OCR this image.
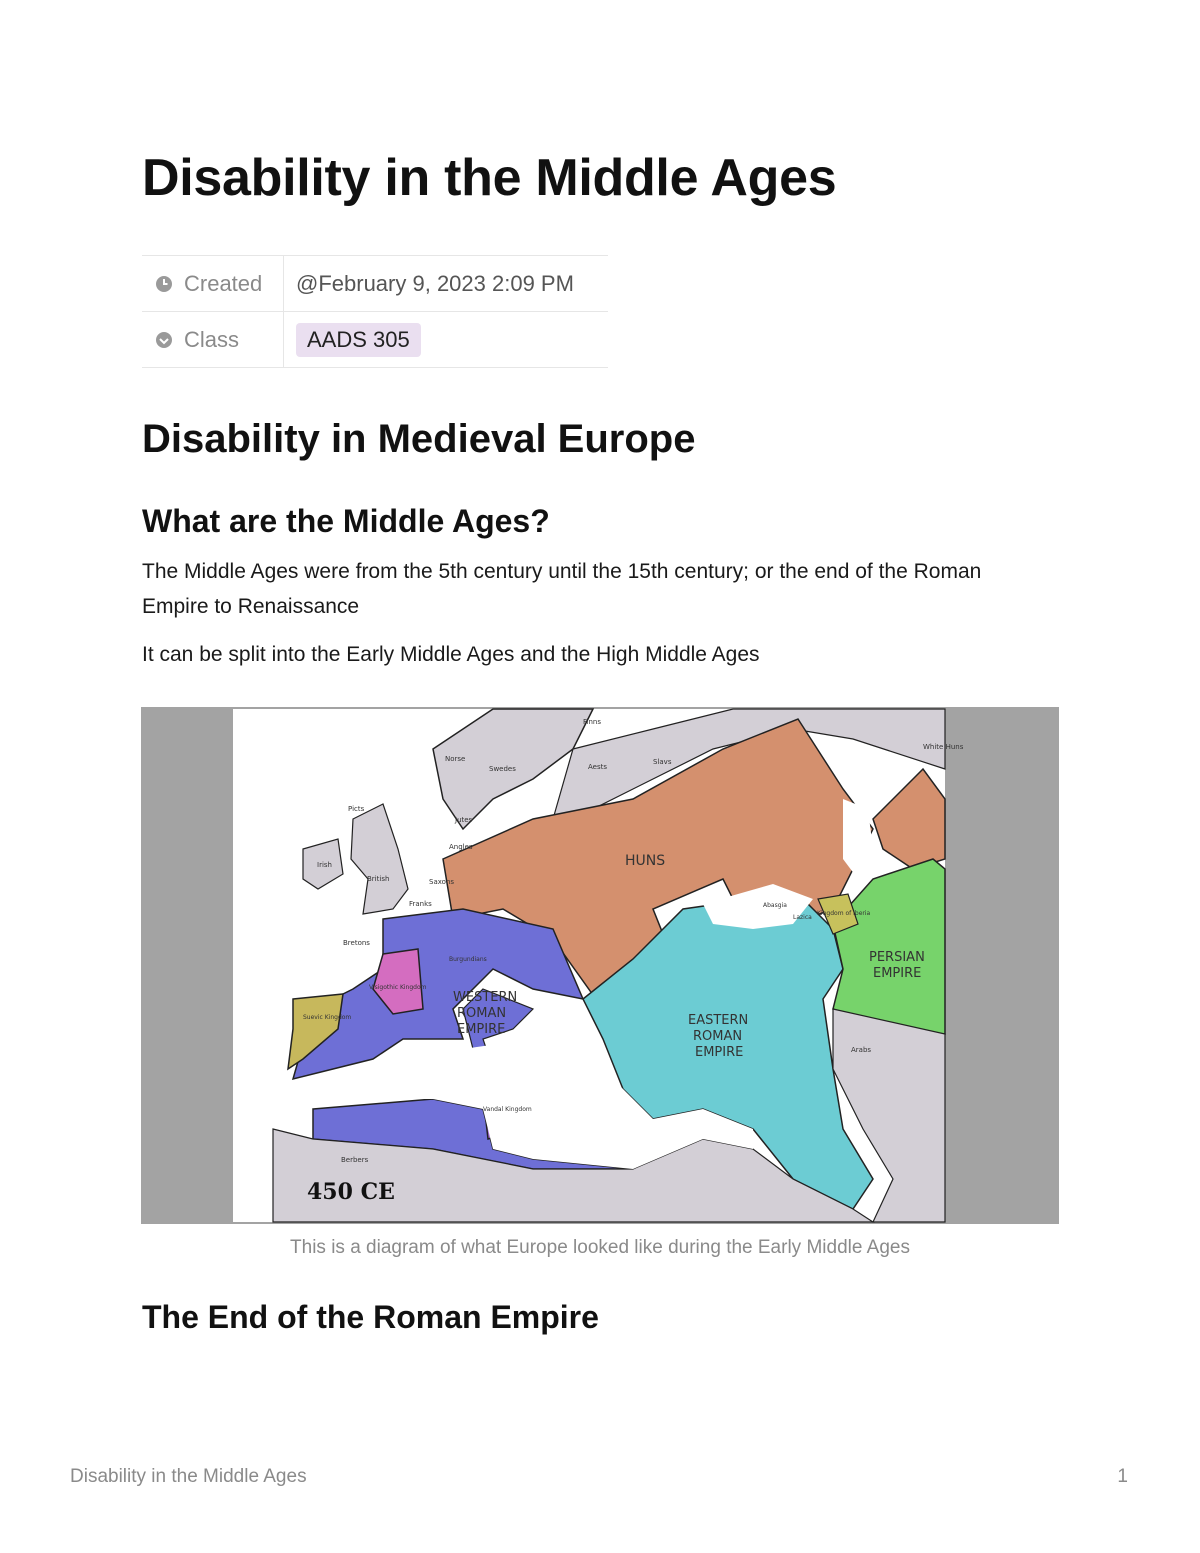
Disability in the Middle Ages
Created	@February 9, 2023 2:09 PM

Class	AADS 305
Disability in Medieval Europe
What are the Middle Ages?

The Middle Ages were from the 5th century until the 15th century; or the end of the Roman Empire to Renaissance

It can be split into the Early Middle Ages and the High Middle Ages

HUNS
WESTERN
ROMAN
EMPIRE
EASTERN
ROMAN
EMPIRE
PERSIAN
EMPIRE
450 CE
Finns
Norse
Swedes	Aests
Slavs
White Huns
Picts
Irish
British
Jutes
Angles
Saxons
Franks
Bretons
Burgundians
Visigothic Kingdom
Suevic Kingdom
Vandal Kingdom
Berbers
Arabs
Kingdom of Iberia
Lazica
Abasgia
This is a diagram of what Europe looked like during the Early Middle Ages
The End of the Roman Empire
Disability in the Middle Ages	1
